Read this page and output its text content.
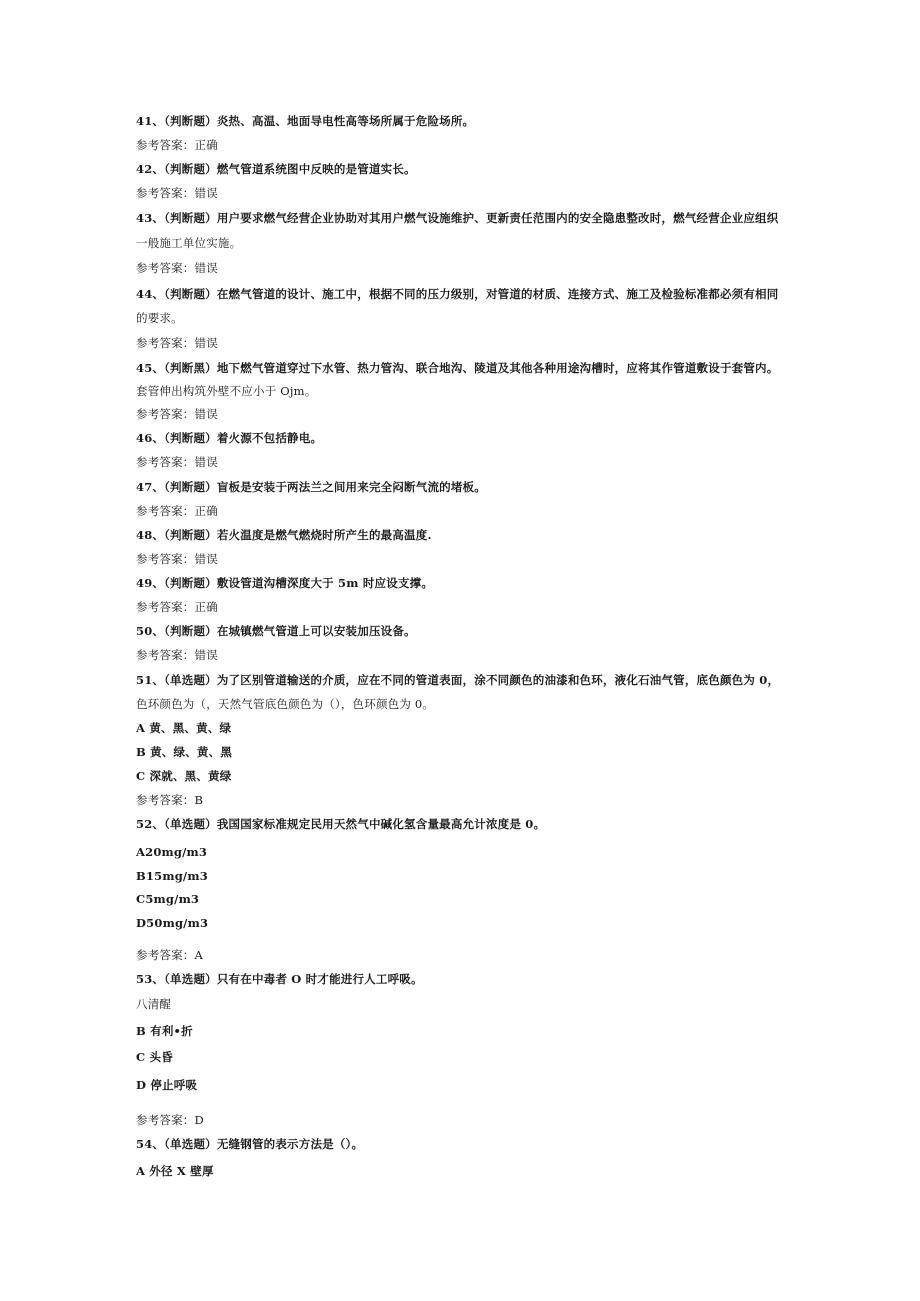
41、（判断题）炎热、高温、地面导电性高等场所属于危险场所。
参考答案：正确
42、（判断题）燃气管道系统图中反映的是管道实长。
参考答案：错误
43、（判断题）用户要求燃气经营企业协助对其用户燃气设施维护、更新责任范围内的安全隐患整改时，燃气经营企业应组织
一般施工单位实施。
参考答案：错误
44、（判断题）在燃气管道的设计、施工中，根据不同的压力级别，对管道的材质、连接方式、施工及检验标准都必须有相同
的要求。
参考答案：错误
45、（判断黑）地下燃气管道穿过下水管、热力管沟、联合地沟、陵道及其他各种用途沟槽时，应将其作管道敷设于套管内。
套管伸出构筑外壁不应小于 Ojm。
参考答案：错误
46、（判断题）着火源不包括静电。
参考答案：错误
47、（判断题）盲板是安装于两法兰之间用来完全闷断气流的堵板。
参考答案：正确
48、（判断题）若火温度是燃气燃烧时所产生的最高温度.
参考答案：错误
49、（判断题）敷设管道沟槽深度大于 5m 时应设支撑。
参考答案：正确
50、（判断题）在城镇燃气管道上可以安装加压设备。
参考答案：错误
51、（单选题）为了区别管道输送的介质，应在不同的管道表面，涂不同颜色的油漆和色环，液化石油气管，底色颜色为 0，
色环颜色为（，天然气管底色颜色为（），色环颜色为 0。
A 黄、黑、黄、绿
B 黄、绿、黄、黑
C 深就、黑、黄绿
参考答案：B
52、（单选题）我国国家标准规定民用天然气中碱化氢含量最高允计浓度是 0。
A20mg/m3
B15mg/m3
C5mg/m3
D50mg/m3
参考答案：A
53、（单选题）只有在中毒者 O 时才能进行人工呼吸。
八清醒
B 有利•折
C 头昏
D 停止呼吸
参考答案：D
54、（单选题）无缝钢管的表示方法是（）。
A 外径 X 壁厚
